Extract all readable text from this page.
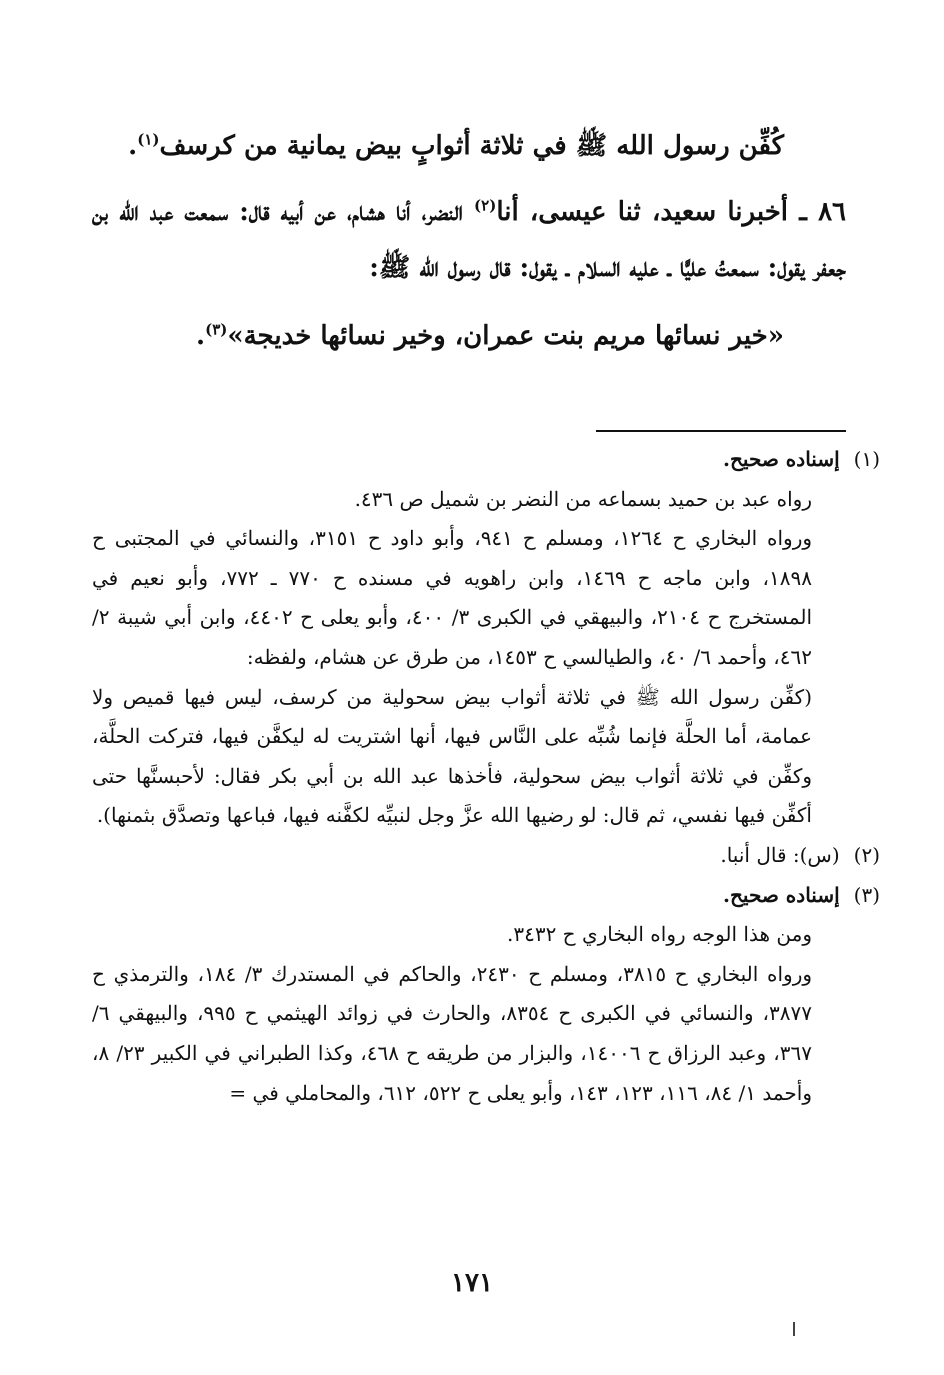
كُفِّن رسول الله ﷺ في ثلاثة أثوابٍ بيض يمانية من كرسف$^{(١)}$.

٨٦ ـ أخبرنا سعيد، ثنا عيسى، أنا$^{(٢)}$ النضر، أنا هشام، عن أبيه قال: سمعت عبد الله بن جعفر يقول: سمعتُ عليًّا ـ عليه السلام ـ يقول: قال رسول الله ﷺ:

«خير نسائها مريم بنت عمران، وخير نسائها خديجة»$^{(٣)}$.

(١) إسناده صحيح.

رواه عبد بن حميد بسماعه من النضر بن شميل ص ٤٣٦.

ورواه البخاري ح ١٢٦٤، ومسلم ح ٩٤١، وأبو داود ح ٣١٥١، والنسائي في المجتبى ح ١٨٩٨، وابن ماجه ح ١٤٦٩، وابن راهويه في مسنده ح ٧٧٠ ـ ٧٧٢، وأبو نعيم في المستخرج ح ٢١٠٤، والبيهقي في الكبرى ٣/ ٤٠٠، وأبو يعلى ح ٤٤٠٢، وابن أبي شيبة ٢/ ٤٦٢، وأحمد ٦/ ٤٠، والطيالسي ح ١٤٥٣، من طرق عن هشام، ولفظه:

(كفِّن رسول الله ﷺ في ثلاثة أثواب بيض سحولية من كرسف، ليس فيها قميص ولا عمامة، أما الحلَّة فإنما شُبِّه على النَّاس فيها، أنها اشتريت له ليكفَّن فيها، فتركت الحلَّة، وكفِّن في ثلاثة أثواب بيض سحولية، فأخذها عبد الله بن أبي بكر فقال: لأحبسنَّها حتى أكفِّن فيها نفسي، ثم قال: لو رضيها الله عزَّ وجل لنبيِّه لكفَّنه فيها، فباعها وتصدَّق بثمنها).

(٢) (س): قال أنبا.

(٣) إسناده صحيح.

ومن هذا الوجه رواه البخاري ح ٣٤٣٢.

ورواه البخاري ح ٣٨١٥، ومسلم ح ٢٤٣٠، والحاكم في المستدرك ٣/ ١٨٤، والترمذي ح ٣٨٧٧، والنسائي في الكبرى ح ٨٣٥٤، والحارث في زوائد الهيثمي ح ٩٩٥، والبيهقي ٦/ ٣٦٧، وعبد الرزاق ح ١٤٠٠٦، والبزار من طريقه ح ٤٦٨، وكذا الطبراني في الكبير ٢٣/ ٨، وأحمد ١/ ٨٤، ١١٦، ١٢٣، ١٤٣، وأبو يعلى ح ٥٢٢، ٦١٢، والمحاملي في =

١٧١
